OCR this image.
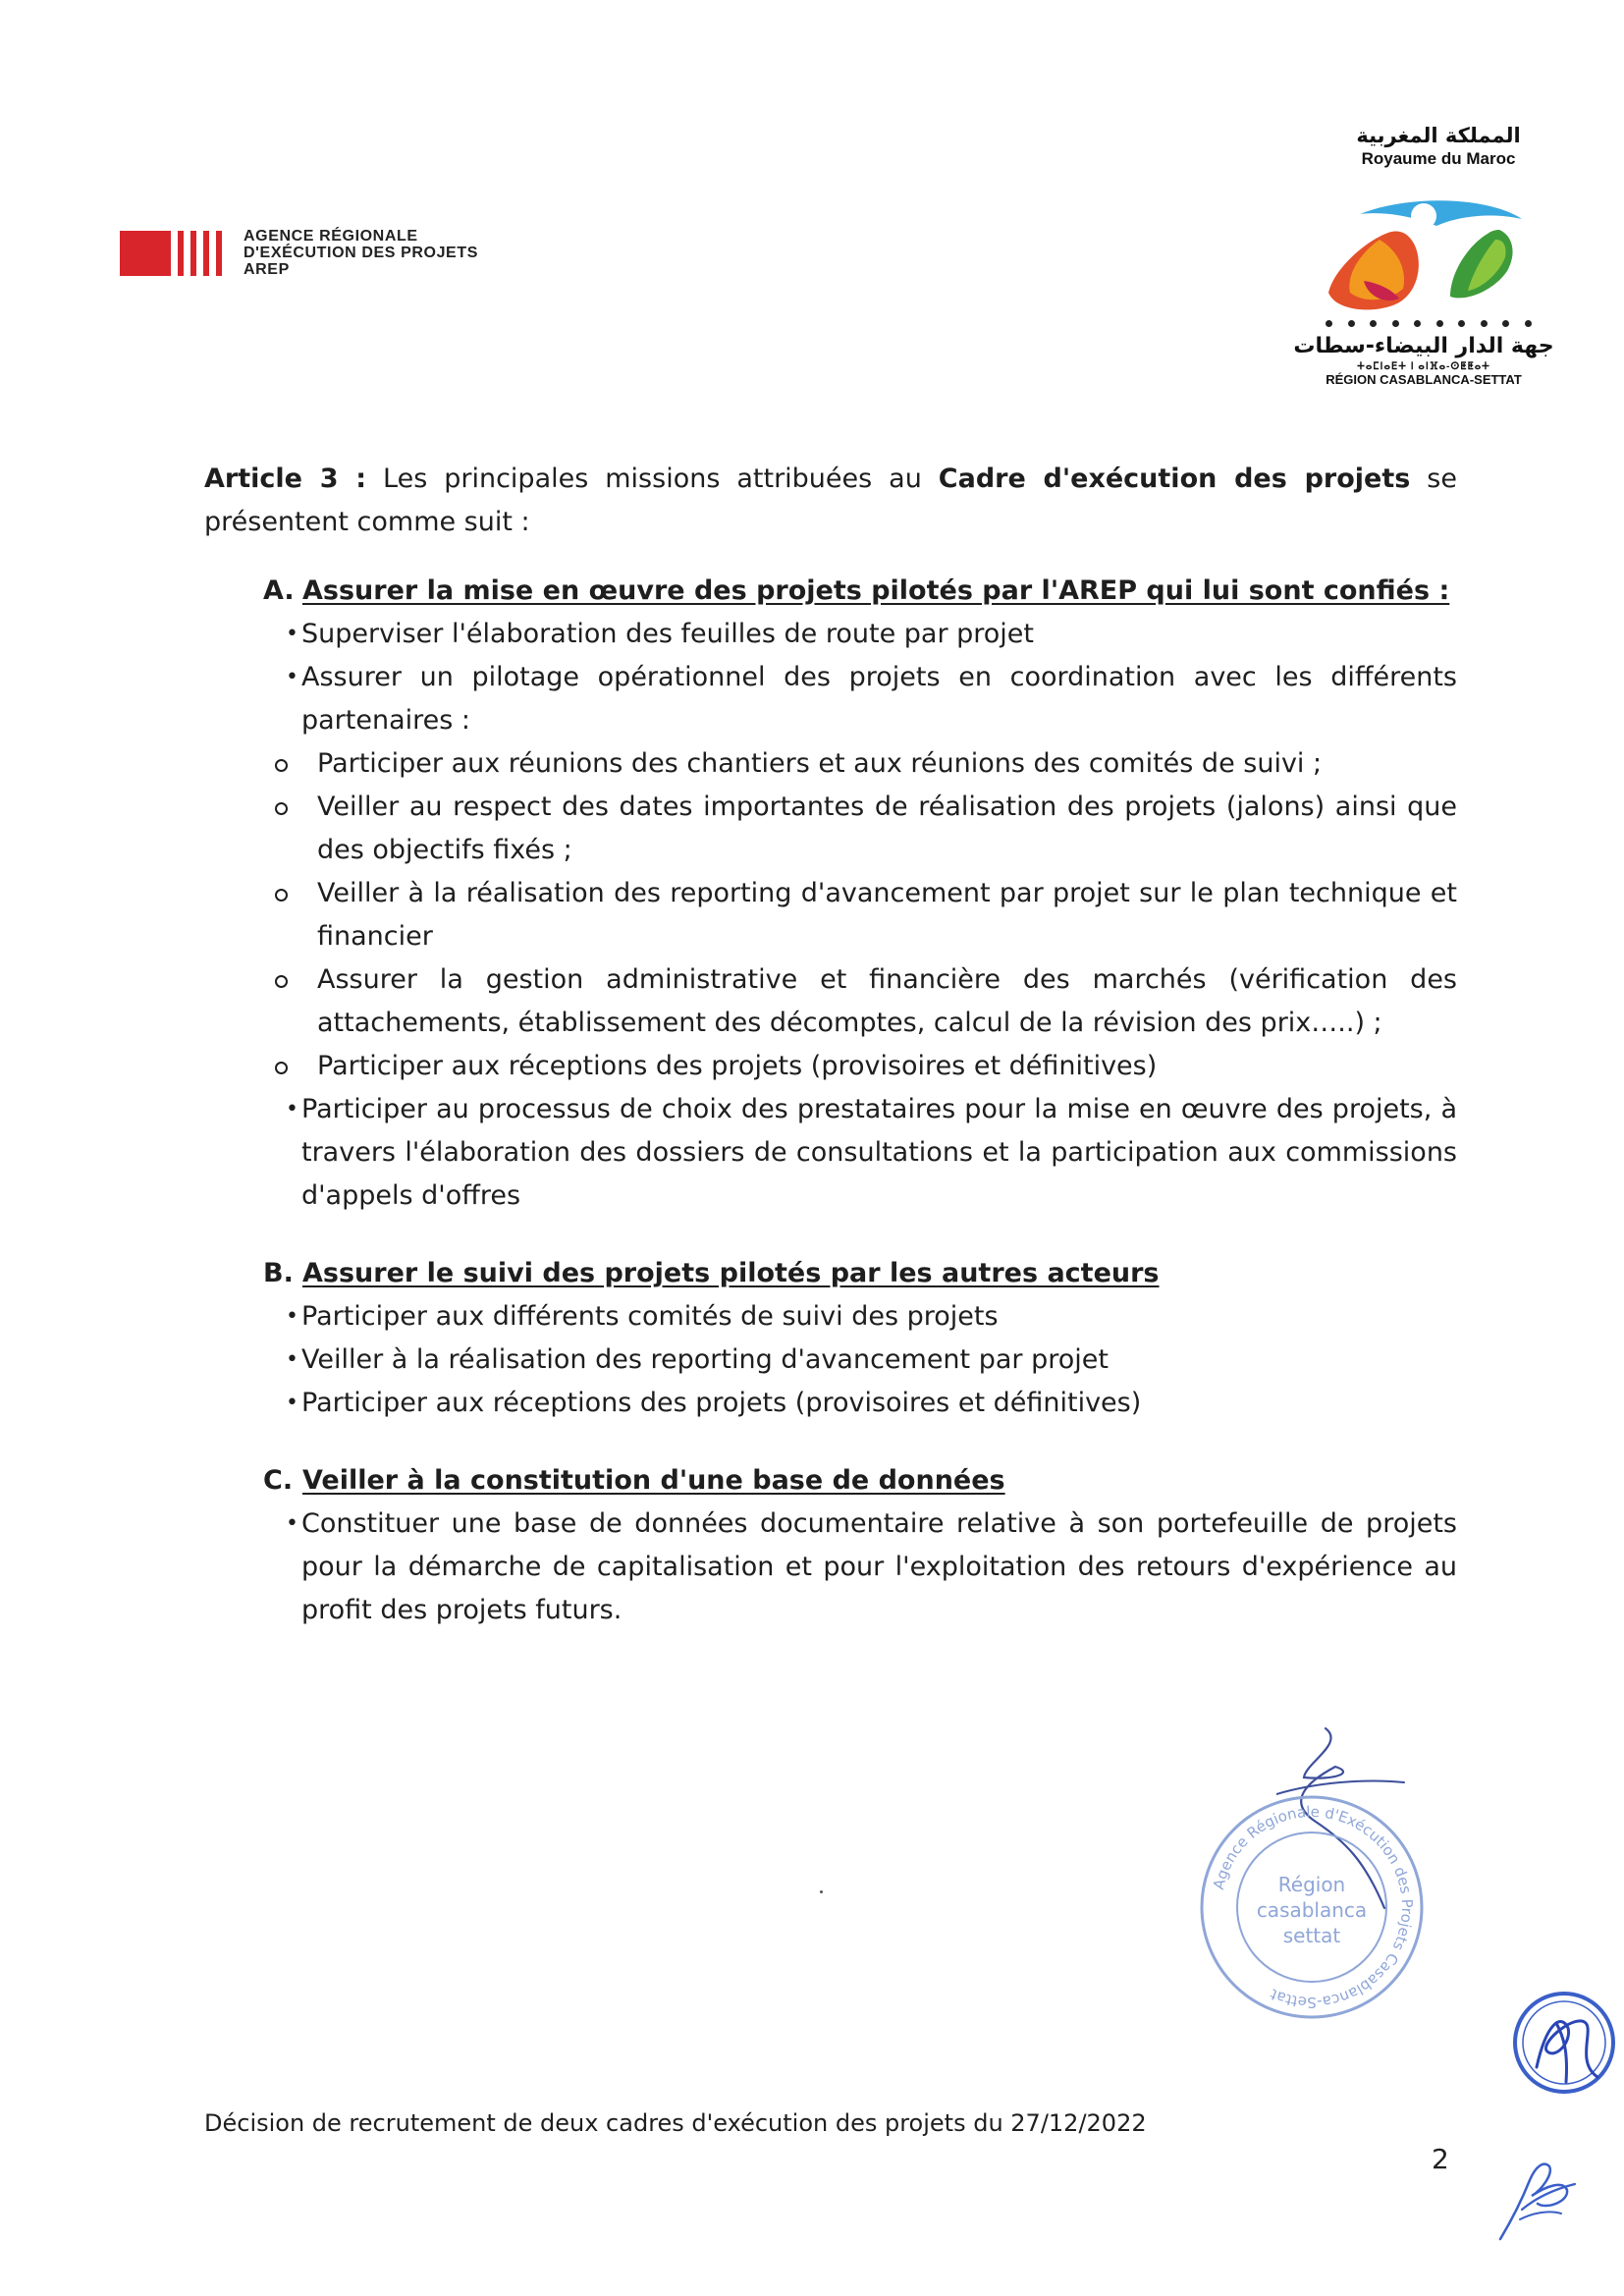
AGENCE RÉGIONALE
D'EXÉCUTION DES PROJETS
AREP
المملكة المغربية
Royaume du Maroc
جهة الدار البيضاء-سطات
ⵜⴰⵎⵏⴰⴹⵜ ⵏ ⴰⵏⴼⴰ-ⵙⵟⵟⴰⵜ
RÉGION CASABLANCA-SETTAT

Article 3 : Les principales missions attribuées au Cadre d'exécution des projets se présentent comme suit :

A. Assurer la mise en œuvre des projets pilotés par l'AREP qui lui sont confiés :
• Superviser l'élaboration des feuilles de route par projet
• Assurer un pilotage opérationnel des projets en coordination avec les différents partenaires :
Participer aux réunions des chantiers et aux réunions des comités de suivi ;
Veiller au respect des dates importantes de réalisation des projets (jalons) ainsi que des objectifs fixés ;
Veiller à la réalisation des reporting d'avancement par projet sur le plan technique et financier
Assurer la gestion administrative et financière des marchés (vérification des attachements, établissement des décomptes, calcul de la révision des prix…..) ;
Participer aux réceptions des projets (provisoires et définitives)
• Participer au processus de choix des prestataires pour la mise en œuvre des projets, à travers l'élaboration des dossiers de consultations et la participation aux commissions d'appels d'offres
B. Assurer le suivi des projets pilotés par les autres acteurs
• Participer aux différents comités de suivi des projets
• Veiller à la réalisation des reporting d'avancement par projet
• Participer aux réceptions des projets (provisoires et définitives)
C. Veiller à la constitution d'une base de données
• Constituer une base de données documentaire relative à son portefeuille de projets pour la démarche de capitalisation et pour l'exploitation des retours d'expérience au profit des projets futurs.
Agence Régionale d'Exécution des Projets Casablanca-Settat
Région
casablanca
settat
Décision de recrutement de deux cadres d'exécution des projets du 27/12/2022
2
